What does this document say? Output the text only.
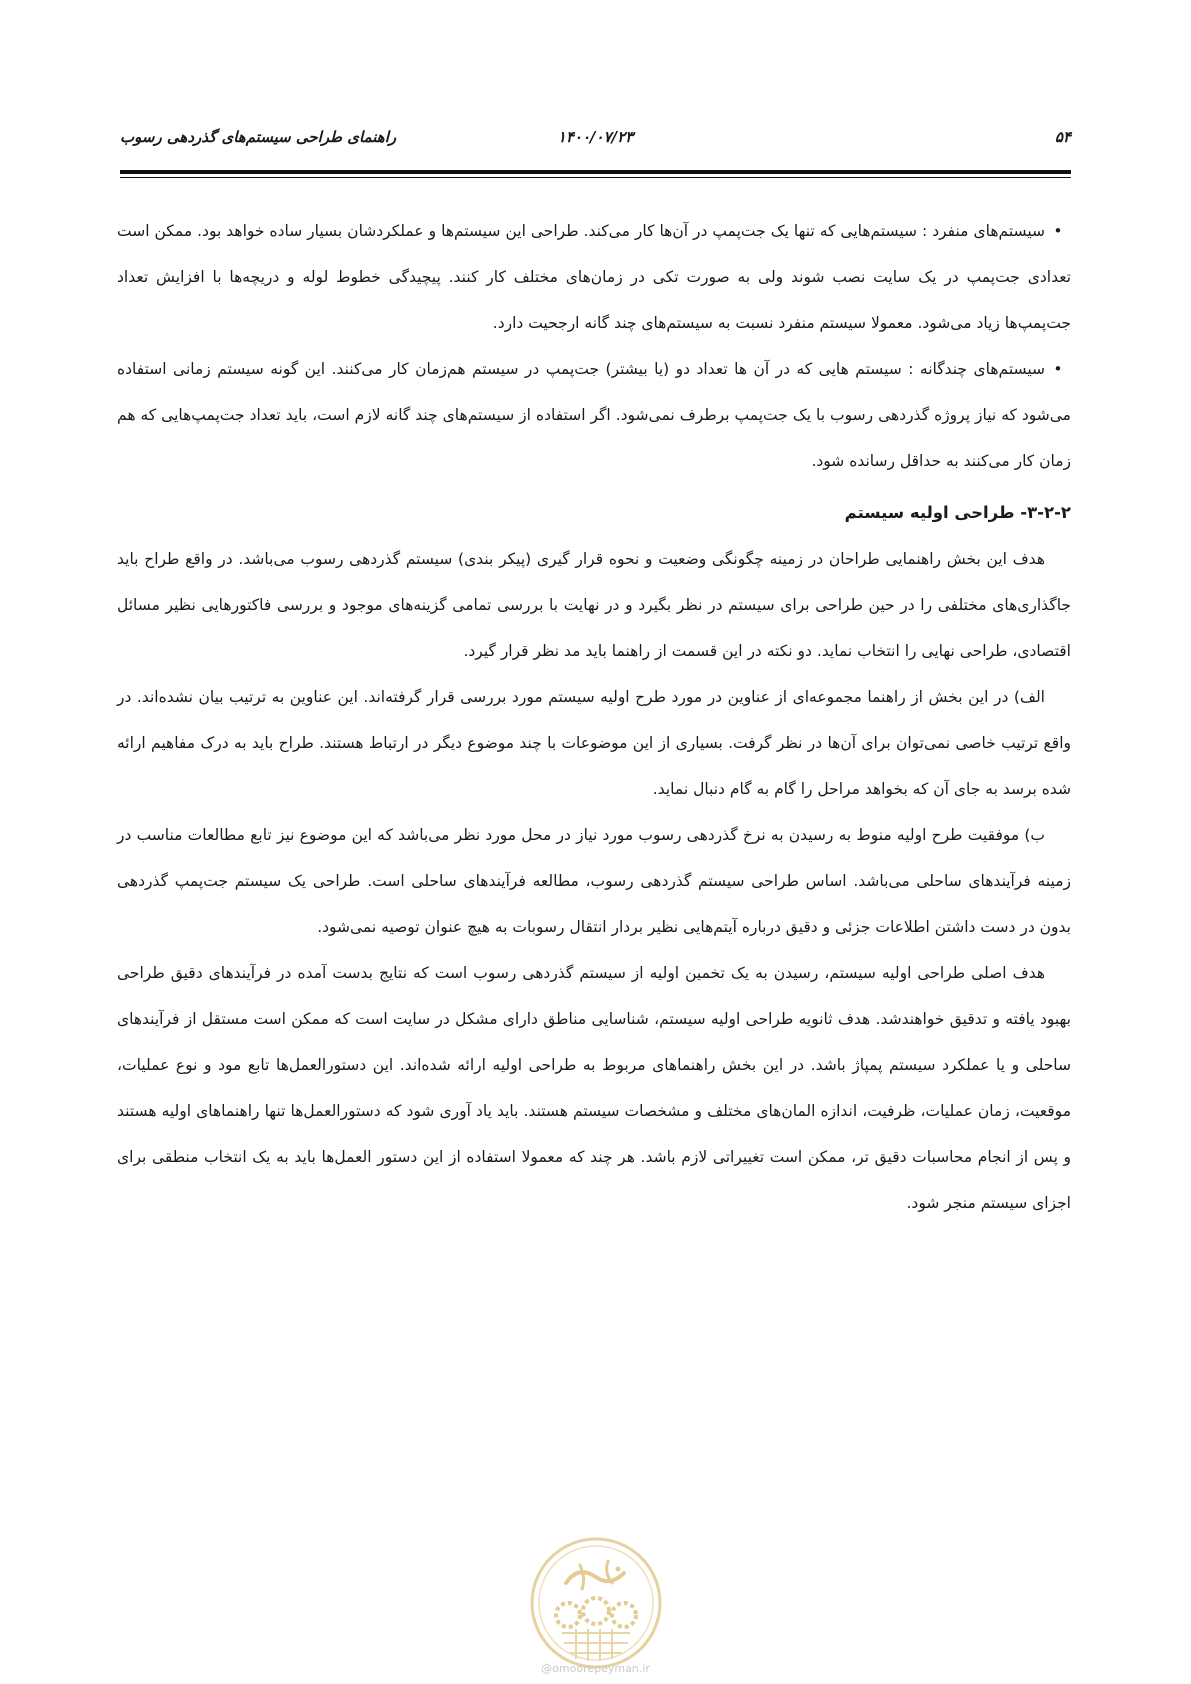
۵۴
۱۴۰۰/۰۷/۲۳
راهنمای طراحی سیستم‌های گذردهی رسوب

•سیستم‌های منفرد : سیستم‌هایی که تنها یک جت‌پمپ در آن‌ها کار می‌کند. طراحی این سیستم‌ها و عملکردشان بسیار ساده خواهد بود. ممکن است تعدادی جت‌پمپ در یک سایت نصب شوند ولی به صورت تکی در زمان‌های مختلف کار کنند. پیچیدگی خطوط لوله و دریچه‌ها با افزایش تعداد جت‌پمپ‌ها زیاد می‌شود. معمولا سیستم منفرد نسبت به سیستم‌های چند گانه ارجحیت دارد.

•سیستم‌های چندگانه : سیستم هایی که در آن ها تعداد دو (یا بیشتر) جت‌پمپ در سیستم هم‌زمان کار می‌کنند. این گونه سیستم زمانی استفاده می‌شود که نیاز پروژه گذردهی رسوب با یک جت‌پمپ برطرف نمی‌شود. اگر استفاده از سیستم‌های چند گانه لازم است، باید تعداد جت‌پمپ‌هایی که هم زمان کار می‌کنند به حداقل رسانده شود.

۳-۲-۲- طراحی اولیه سیستم

هدف این بخش راهنمایی طراحان در زمینه چگونگی وضعیت و نحوه قرار گیری (پیکر بندی) سیستم گذردهی رسوب می‌باشد. در واقع طراح باید جاگذاری‌های مختلفی را در حین طراحی برای سیستم در نظر بگیرد و در نهایت با بررسی تمامی گزینه‌های موجود و بررسی فاکتورهایی نظیر مسائل اقتصادی، طراحی نهایی را انتخاب نماید. دو نکته در این قسمت از راهنما باید مد نظر قرار گیرد.

الف) در این بخش از راهنما مجموعه‌ای از عناوین در مورد طرح اولیه سیستم مورد بررسی قرار گرفته‌اند. این عناوین به ترتیب بیان نشده‌اند. در واقع ترتیب خاصی نمی‌توان برای آن‌ها در نظر گرفت. بسیاری از این موضوعات با چند موضوع دیگر در ارتباط هستند. طراح باید به درک مفاهیم ارائه شده برسد به جای آن که بخواهد مراحل را گام به گام دنبال نماید.

ب) موفقیت طرح اولیه منوط به رسیدن به نرخ گذردهی رسوب مورد نیاز در محل مورد نظر می‌باشد که این موضوع نیز تابع مطالعات مناسب در زمینه فرآیندهای ساحلی می‌باشد. اساس طراحی سیستم گذردهی رسوب، مطالعه فرآیندهای ساحلی است. طراحی یک سیستم جت‌پمپ گذردهی بدون در دست داشتن اطلاعات جزئی و دقیق درباره آیتم‌هایی نظیر بردار انتقال رسوبات به هیچ عنوان توصیه نمی‌شود.

هدف اصلی طراحی اولیه سیستم، رسیدن به یک تخمین اولیه از سیستم گذردهی رسوب است که نتایج بدست آمده در فرآیندهای دقیق طراحی بهبود یافته و تدقیق خواهندشد. هدف ثانویه طراحی اولیه سیستم، شناسایی مناطق دارای مشکل در سایت است که ممکن است مستقل از فرآیندهای ساحلی و یا عملکرد سیستم پمپاژ باشد. در این بخش راهنماهای مربوط به طراحی اولیه ارائه شده‌اند. این دستورالعمل‌ها تابع مود و نوع عملیات، موقعیت، زمان عملیات، ظرفیت، اندازه المان‌های مختلف و مشخصات سیستم هستند. باید یاد آوری شود که دستورالعمل‌ها تنها راهنماهای اولیه هستند و پس از انجام محاسبات دقیق تر، ممکن است تغییراتی لازم باشد. هر چند که معمولا استفاده از این دستور العمل‌ها باید به یک انتخاب منطقی برای اجزای سیستم منجر شود.

@omoorepeyman.ir
